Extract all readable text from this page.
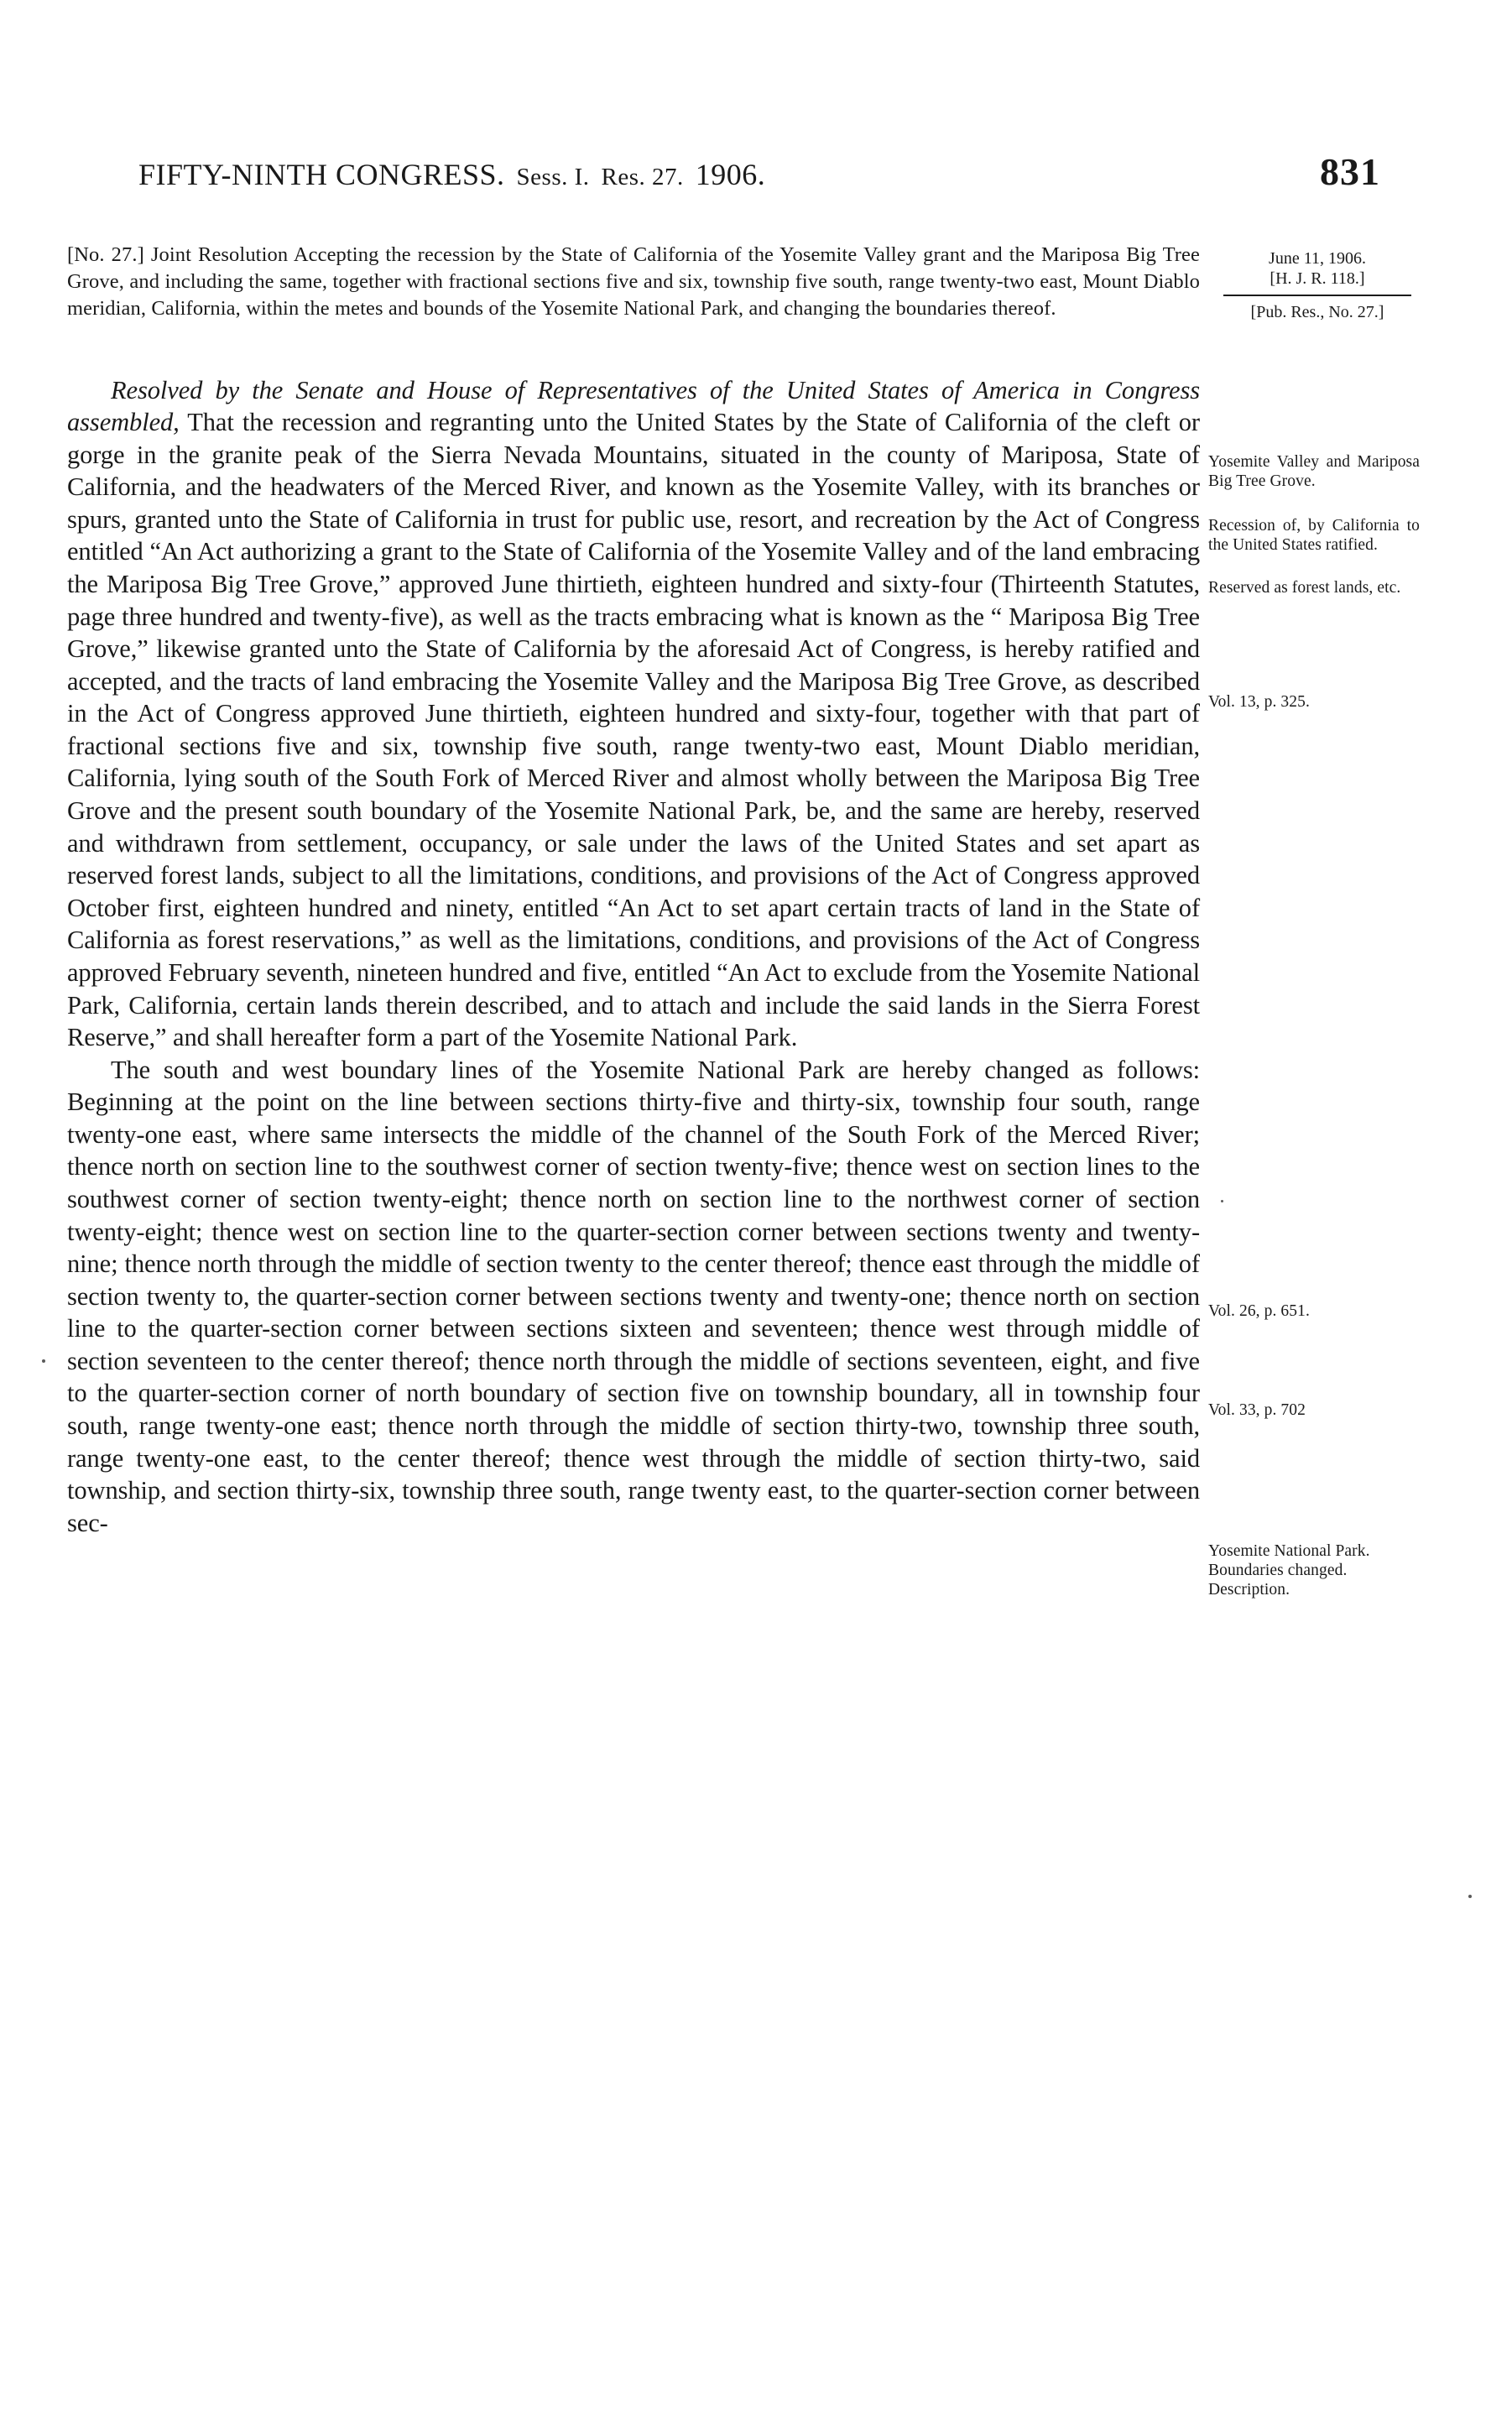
FIFTY-NINTH CONGRESS. Sess. I. Res. 27. 1906.	831
June 11, 1906.
[H. J. R. 118.]
[Pub. Res., No. 27.]
[No. 27.] Joint Resolution Accepting the recession by the State of California of the Yosemite Valley grant and the Mariposa Big Tree Grove, and including the same, together with fractional sections five and six, township five south, range twenty-two east, Mount Diablo meridian, California, within the metes and bounds of the Yosemite National Park, and changing the boundaries thereof.

Resolved by the Senate and House of Representatives of the United States of America in Congress assembled, That the recession and regranting unto the United States by the State of California of the cleft or gorge in the granite peak of the Sierra Nevada Mountains, situated in the county of Mariposa, State of California, and the headwaters of the Merced River, and known as the Yosemite Valley, with its branches or spurs, granted unto the State of California in trust for public use, resort, and recreation by the Act of Congress entitled “An Act authorizing a grant to the State of California of the Yosemite Valley and of the land embracing the Mariposa Big Tree Grove,” approved June thirtieth, eighteen hundred and sixty-four (Thirteenth Statutes, page three hundred and twenty-five), as well as the tracts embracing what is known as the “ Mariposa Big Tree Grove,” likewise granted unto the State of California by the aforesaid Act of Congress, is hereby ratified and accepted, and the tracts of land embracing the Yosemite Valley and the Mariposa Big Tree Grove, as described in the Act of Congress approved June thirtieth, eighteen hundred and sixty-four, together with that part of fractional sections five and six, township five south, range twenty-two east, Mount Diablo meridian, California, lying south of the South Fork of Merced River and almost wholly between the Mariposa Big Tree Grove and the present south boundary of the Yosemite National Park, be, and the same are hereby, reserved and withdrawn from settlement, occupancy, or sale under the laws of the United States and set apart as reserved forest lands, subject to all the limitations, conditions, and provisions of the Act of Congress approved October first, eighteen hundred and ninety, entitled “An Act to set apart certain tracts of land in the State of California as forest reservations,” as well as the limitations, conditions, and provisions of the Act of Congress approved February seventh, nineteen hundred and five, entitled “An Act to exclude from the Yosemite National Park, California, certain lands therein described, and to attach and include the said lands in the Sierra Forest Reserve,” and shall hereafter form a part of the Yosemite National Park.

The south and west boundary lines of the Yosemite National Park are hereby changed as follows: Beginning at the point on the line between sections thirty-five and thirty-six, township four south, range twenty-one east, where same intersects the middle of the channel of the South Fork of the Merced River; thence north on section line to the southwest corner of section twenty-five; thence west on section lines to the southwest corner of section twenty-eight; thence north on section line to the northwest corner of section twenty-eight; thence west on section line to the quarter-section corner between sections twenty and twenty-nine; thence north through the middle of section twenty to the center thereof; thence east through the middle of section twenty to, the quarter-section corner between sections twenty and twenty-one; thence north on section line to the quarter-section corner between sections sixteen and seventeen; thence west through middle of section seventeen to the center thereof; thence north through the middle of sections seventeen, eight, and five to the quarter-section corner of north boundary of section five on township boundary, all in township four south, range twenty-one east; thence north through the middle of section thirty-two, township three south, range twenty-one east, to the center thereof; thence west through the middle of section thirty-two, said township, and section thirty-six, township three south, range twenty east, to the quarter-section corner between sec-

Yosemite Valley and Mariposa Big Tree Grove.
Recession of, by California to the United States ratified.
Reserved as forest lands, etc.
Vol. 13, p. 325.
Vol. 26, p. 651.
Vol. 33, p. 702
Yosemite National Park.
Boundaries changed.
Description.
